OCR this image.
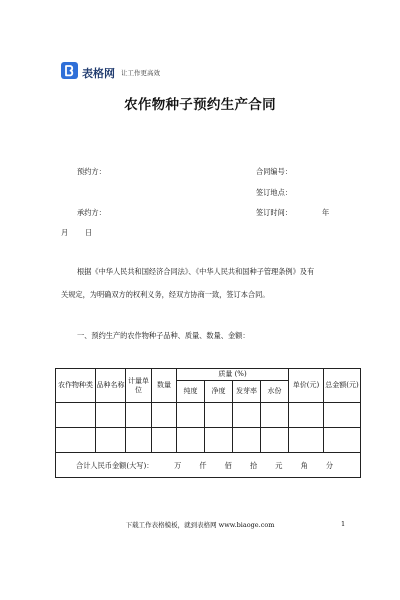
表格网 让工作更高效
农作物种子预约生产合同
预约方：	合同编号：
签订地点：
承约方：	签订时间：	年
月 日
根据《中华人民共和国经济合同法》、《中华人民共和国种子管理条例》及有
关规定，为明确双方的权利义务，经双方协商一致，签订本合同。
一、预约生产的农作物种子品种、质量、数量、金额：
农作物种类	品种名称	计量单位	数量	质量 (%)				单价(元)	总金额(元)
				纯度	净度	发芽率	水份		

合计人民币金额(大写)： 万 仟 佰 拾 元 角 分									
下载工作表格模板，就到表格网 www.biaoge.com	1
